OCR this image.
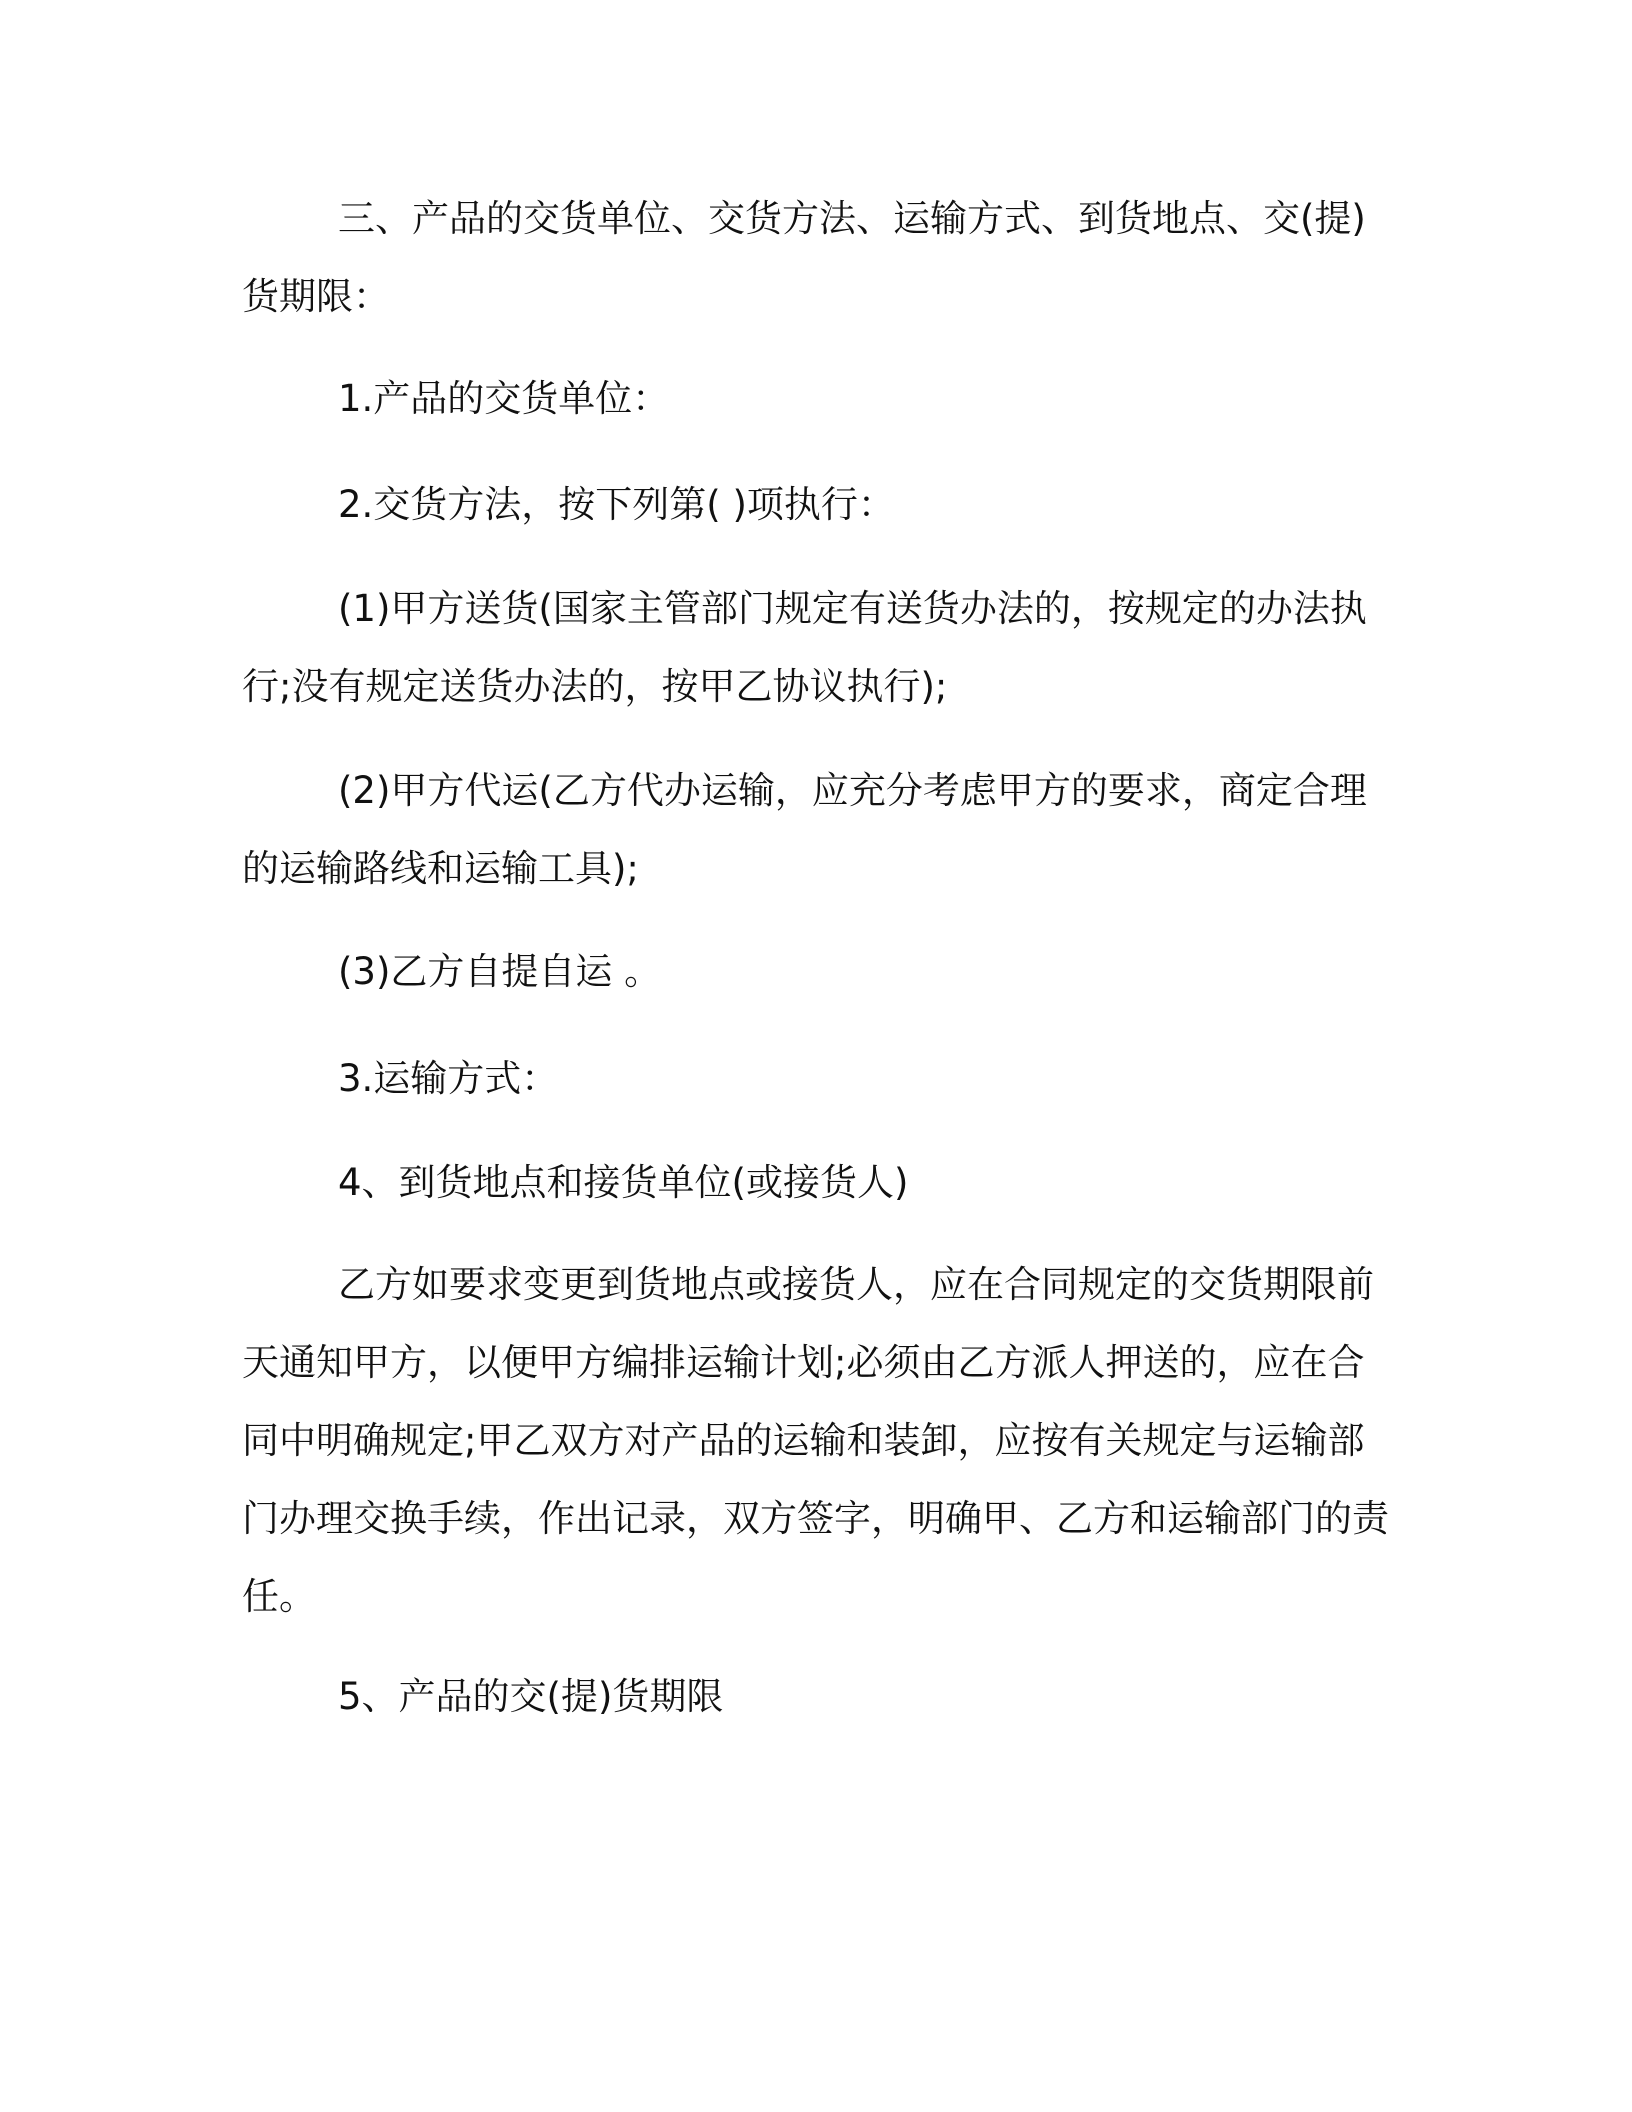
三、产品的交货单位、交货方法、运输方式、到货地点、交(提)货期限：

1.产品的交货单位：

2.交货方法，按下列第( )项执行：

(1)甲方送货(国家主管部门规定有送货办法的，按规定的办法执行;没有规定送货办法的，按甲乙协议执行);

(2)甲方代运(乙方代办运输，应充分考虑甲方的要求，商定合理的运输路线和运输工具);

(3)乙方自提自运 。

3.运输方式：

4、到货地点和接货单位(或接货人)

乙方如要求变更到货地点或接货人，应在合同规定的交货期限前天通知甲方，以便甲方编排运输计划;必须由乙方派人押送的，应在合同中明确规定;甲乙双方对产品的运输和装卸，应按有关规定与运输部门办理交换手续，作出记录，双方签字，明确甲、乙方和运输部门的责任。

5、产品的交(提)货期限
